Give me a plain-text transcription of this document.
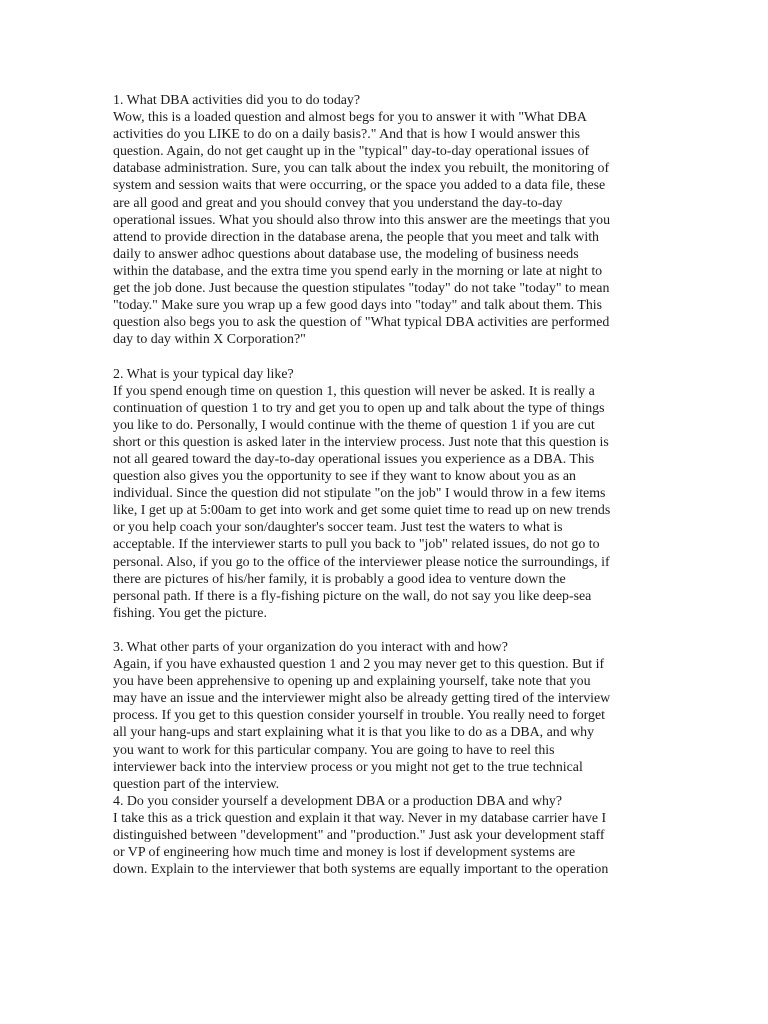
1. What DBA activities did you to do today?
Wow, this is a loaded question and almost begs for you to answer it with "What DBA
activities do you LIKE to do on a daily basis?." And that is how I would answer this
question. Again, do not get caught up in the "typical" day-to-day operational issues of
database administration. Sure, you can talk about the index you rebuilt, the monitoring of
system and session waits that were occurring, or the space you added to a data file, these
are all good and great and you should convey that you understand the day-to-day
operational issues. What you should also throw into this answer are the meetings that you
attend to provide direction in the database arena, the people that you meet and talk with
daily to answer adhoc questions about database use, the modeling of business needs
within the database, and the extra time you spend early in the morning or late at night to
get the job done. Just because the question stipulates "today" do not take "today" to mean
"today." Make sure you wrap up a few good days into "today" and talk about them. This
question also begs you to ask the question of "What typical DBA activities are performed
day to day within X Corporation?"
2. What is your typical day like?
If you spend enough time on question 1, this question will never be asked. It is really a
continuation of question 1 to try and get you to open up and talk about the type of things
you like to do. Personally, I would continue with the theme of question 1 if you are cut
short or this question is asked later in the interview process. Just note that this question is
not all geared toward the day-to-day operational issues you experience as a DBA. This
question also gives you the opportunity to see if they want to know about you as an
individual. Since the question did not stipulate "on the job" I would throw in a few items
like, I get up at 5:00am to get into work and get some quiet time to read up on new trends
or you help coach your son/daughter's soccer team. Just test the waters to what is
acceptable. If the interviewer starts to pull you back to "job" related issues, do not go to
personal. Also, if you go to the office of the interviewer please notice the surroundings, if
there are pictures of his/her family, it is probably a good idea to venture down the
personal path. If there is a fly-fishing picture on the wall, do not say you like deep-sea
fishing. You get the picture.
3. What other parts of your organization do you interact with and how?
Again, if you have exhausted question 1 and 2 you may never get to this question. But if
you have been apprehensive to opening up and explaining yourself, take note that you
may have an issue and the interviewer might also be already getting tired of the interview
process. If you get to this question consider yourself in trouble. You really need to forget
all your hang-ups and start explaining what it is that you like to do as a DBA, and why
you want to work for this particular company. You are going to have to reel this
interviewer back into the interview process or you might not get to the true technical
question part of the interview.
4. Do you consider yourself a development DBA or a production DBA and why?
I take this as a trick question and explain it that way. Never in my database carrier have I
distinguished between "development" and "production." Just ask your development staff
or VP of engineering how much time and money is lost if development systems are
down. Explain to the interviewer that both systems are equally important to the operation
